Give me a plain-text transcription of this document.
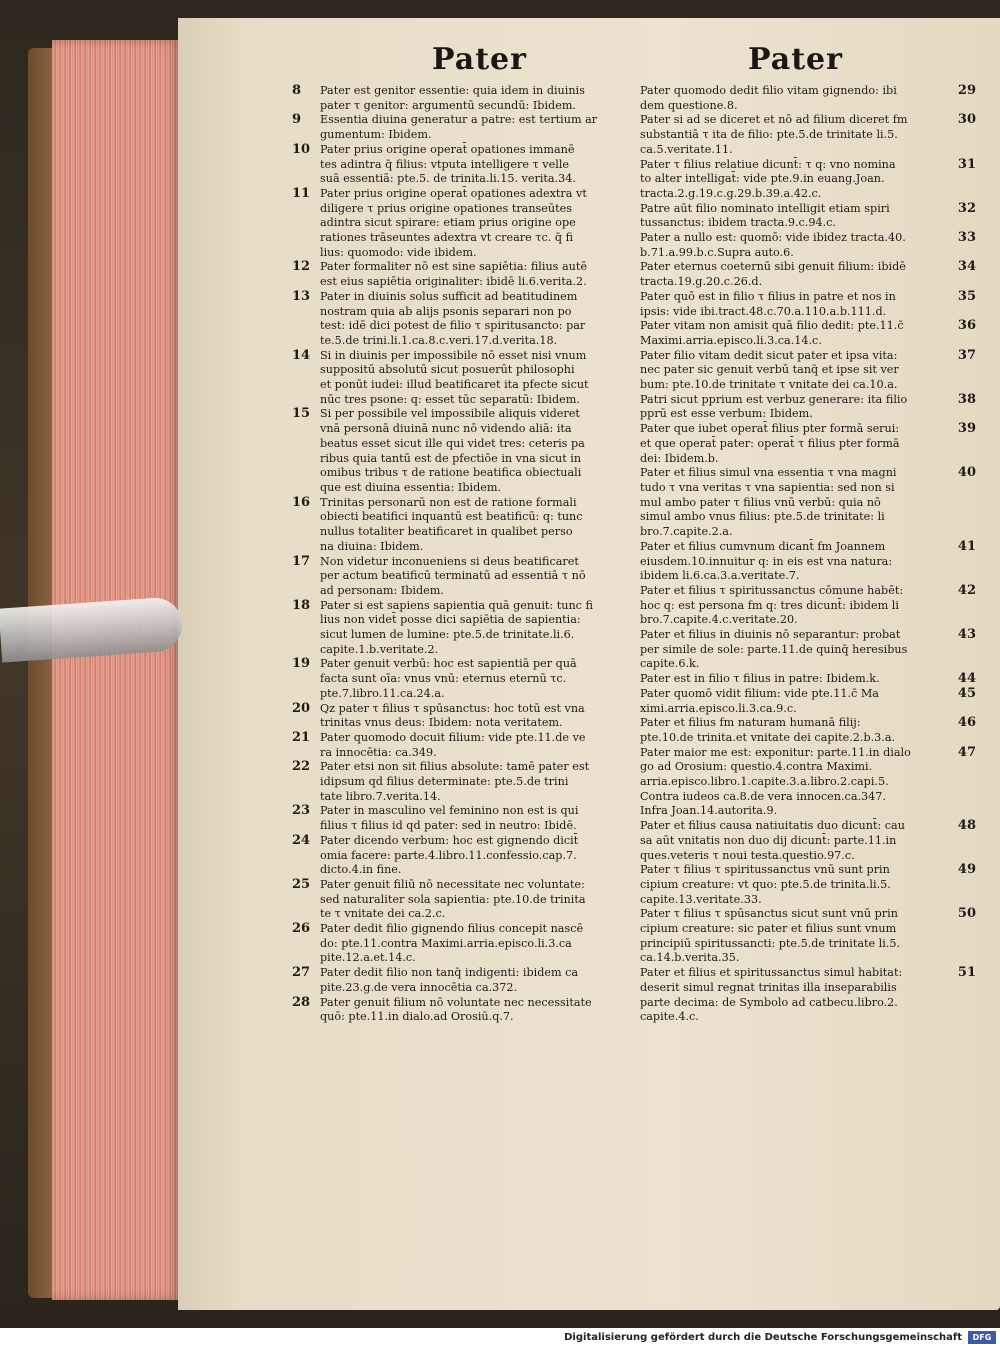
Pater	Pater
8	Pater est genitor essentie: quia idem in diuinis
pater τ genitor: argumentū secundū: Ibidem.
9	Essentia diuina generatur a patre: est tertium ar
gumentum: Ibidem.
10 Pater prius origine operat̄ opationes immanē
tes adintra q̄ filius: vtputa intelligere τ velle
suā essentiā: pte.5. de trinita.li.15. verita.34.
11 Pater prius origine operat̄ opationes adextra vt
diligere τ prius origine opationes transeūtes
adintra sicut spirare: etiam prius origine ope
rationes trāseuntes adextra vt creare τc. q̄ fi
lius: quomodo: vide ibidem.
12 Pater formaliter nō est sine sapiētia: filius autē
est eius sapiētia originaliter: ibidē li.6.verita.2.
13 Pater in diuinis solus sufficit ad beatitudinem
nostram quia ab alijs psonis separari non po
test: idē dici potest de filio τ spiritusancto: par
te.5.de trini.li.1.ca.8.c.veri.17.d.verita.18.
14 Si in diuinis per impossibile nō esset nisi vnum
suppositū absolutū sicut posuerūt philosophi
et ponūt iudei: illud beatificaret ita pfecte sicut
nūc tres psone: q: esset tūc separatū: Ibidem.
15 Si per possibile vel impossibile aliquis videret
vnā personā diuinā nunc nō videndo aliā: ita
beatus esset sicut ille qui videt tres: ceteris pa
ribus quia tantū est de pfectiōe in vna sicut in
omibus tribus τ de ratione beatifica obiectuali
que est diuina essentia: Ibidem.
16 Trinitas personarū non est de ratione formali
obiecti beatifici inquantū est beatificū: q: tunc
nullus totaliter beatificaret in qualibet perso
na diuina: Ibidem.
17 Non videtur inconueniens si deus beatificaret
per actum beatificū terminatū ad essentiā τ nō
ad personam: Ibidem.
18 Pater si est sapiens sapientia quā genuit: tunc fi
lius non videt̄ posse dici sapiētia de sapientia:
sicut lumen de lumine: pte.5.de trinitate.li.6.
capite.1.b.veritate.2.
19 Pater genuit verbū: hoc est sapientiā per quā
facta sunt oīa: vnus vnū: eternus eternū τc.
pte.7.libro.11.ca.24.a.
20 Qz pater τ filius τ spūsanctus: hoc totū est vna
trinitas vnus deus: Ibidem: nota veritatem.
21 Pater quomodo docuit filium: vide pte.11.de ve
ra innocētia: ca.349.
22 Pater etsi non sit filius absolute: tamē pater est
idipsum qd filius determinate: pte.5.de trini
tate libro.7.verita.14.
23 Pater in masculino vel feminino non est is qui
filius τ filius id qd pater: sed in neutro: Ibidē.
24 Pater dicendo verbum: hoc est gignendo dicit̄
omia facere: parte.4.libro.11.confessio.cap.7.
dicto.4.in fine.
25 Pater genuit filiū nō necessitate nec voluntate:
sed naturaliter sola sapientia: pte.10.de trinita
te τ vnitate dei ca.2.c.
26 Pater dedit filio gignendo filius concepit nascē
do: pte.11.contra Maximi.arria.episco.li.3.ca
pite.12.a.et.14.c.
27 Pater dedit filio non tanq̄ indigenti: ibidem ca
pite.23.g.de vera innocētia ca.372.
28 Pater genuit filium nō voluntate nec necessitate
quō: pte.11.in dialo.ad Orosiū.q.7.
29
Pater quomodo dedit filio vitam gignendo: ibi
dem questione.8.
30
Pater si ad se diceret et nō ad filium diceret fm
substantiā τ ita de filio: pte.5.de trinitate li.5.
ca.5.veritate.11.
31
Pater τ filius relatiue dicunt̄: τ q: vno nomina
to alter intelligat̄: vide pte.9.in euang.Joan.
tracta.2.g.19.c.g.29.b.39.a.42.c.
32
Patre aūt filio nominato intelligit etiam spiri
tussanctus: ibidem tracta.9.c.94.c.
33
Pater a nullo est: quomō: vide ibidez tracta.40.
b.71.a.99.b.c.Supra auto.6.
34
Pater eternus coeternū sibi genuit filium: ibidē
tracta.19.g.20.c.26.d.
35
Pater quō est in filio τ filius in patre et nos in
ipsis: vide ibi.tract.48.c.70.a.110.a.b.111.d.
36
Pater vitam non amisit quā filio dedit: pte.11.c̄
Maximi.arria.episco.li.3.ca.14.c.
37
Pater filio vitam dedit sicut pater et ipsa vita:
nec pater sic genuit verbū tanq̄ et ipse sit ver
bum: pte.10.de trinitate τ vnitate dei ca.10.a.
38
Patri sicut pprium est verbuz generare: ita filio
pprū est esse verbum: Ibidem.
39
Pater que iubet operat̄ filius pter formā serui:
et que operat̄ pater: operat̄ τ filius pter formā
dei: Ibidem.b.
40
Pater et filius simul vna essentia τ vna magni
tudo τ vna veritas τ vna sapientia: sed non si
mul ambo pater τ filius vnū verbū: quia nō
simul ambo vnus filius: pte.5.de trinitate: li
bro.7.capite.2.a.
41
Pater et filius cumvnum dicant̄ fm Joannem
eiusdem.10.innuitur q: in eis est vna natura:
ibidem li.6.ca.3.a.veritate.7.
42
Pater et filius τ spiritussanctus cōmune habēt:
hoc q: est persona fm q: tres dicunt̄: ibidem li
bro.7.capite.4.c.veritate.20.
43
Pater et filius in diuinis nō separantur: probat
per simile de sole: parte.11.de quinq̄ heresibus
capite.6.k.
44
Pater est in filio τ filius in patre: Ibidem.k.
45
Pater quomō vidit filium: vide pte.11.c̄ Ma
ximi.arria.episco.li.3.ca.9.c.
46
Pater et filius fm naturam humanā filij:
pte.10.de trinita.et vnitate dei capite.2.b.3.a.
47
Pater maior me est: exponitur: parte.11.in dialo
go ad Orosium: questio.4.contra Maximi.
arria.episco.libro.1.capite.3.a.libro.2.capi.5.
Contra iudeos ca.8.de vera innocen.ca.347.
Infra Joan.14.autorita.9.
48
Pater et filius causa natiuitatis duo dicunt̄: cau
sa aūt vnitatis non duo dij dicunt̄: parte.11.in
ques.veteris τ noui testa.questio.97.c.
49
Pater τ filius τ spiritussanctus vnū sunt prin
cipium creature: vt quo: pte.5.de trinita.li.5.
capite.13.veritate.33.
50
Pater τ filius τ spūsanctus sicut sunt vnū prin
cipium creature: sic pater et filius sunt vnum
principiū spiritussancti: pte.5.de trinitate li.5.
ca.14.b.verita.35.
51
Pater et filius et spiritussanctus simul habitat:
deserit simul regnat trinitas illa inseparabilis
parte decima: de Symbolo ad catbecu.libro.2.
capite.4.c.
Digitalisierung gefördert durch die Deutsche Forschungsgemeinschaft	DFG
